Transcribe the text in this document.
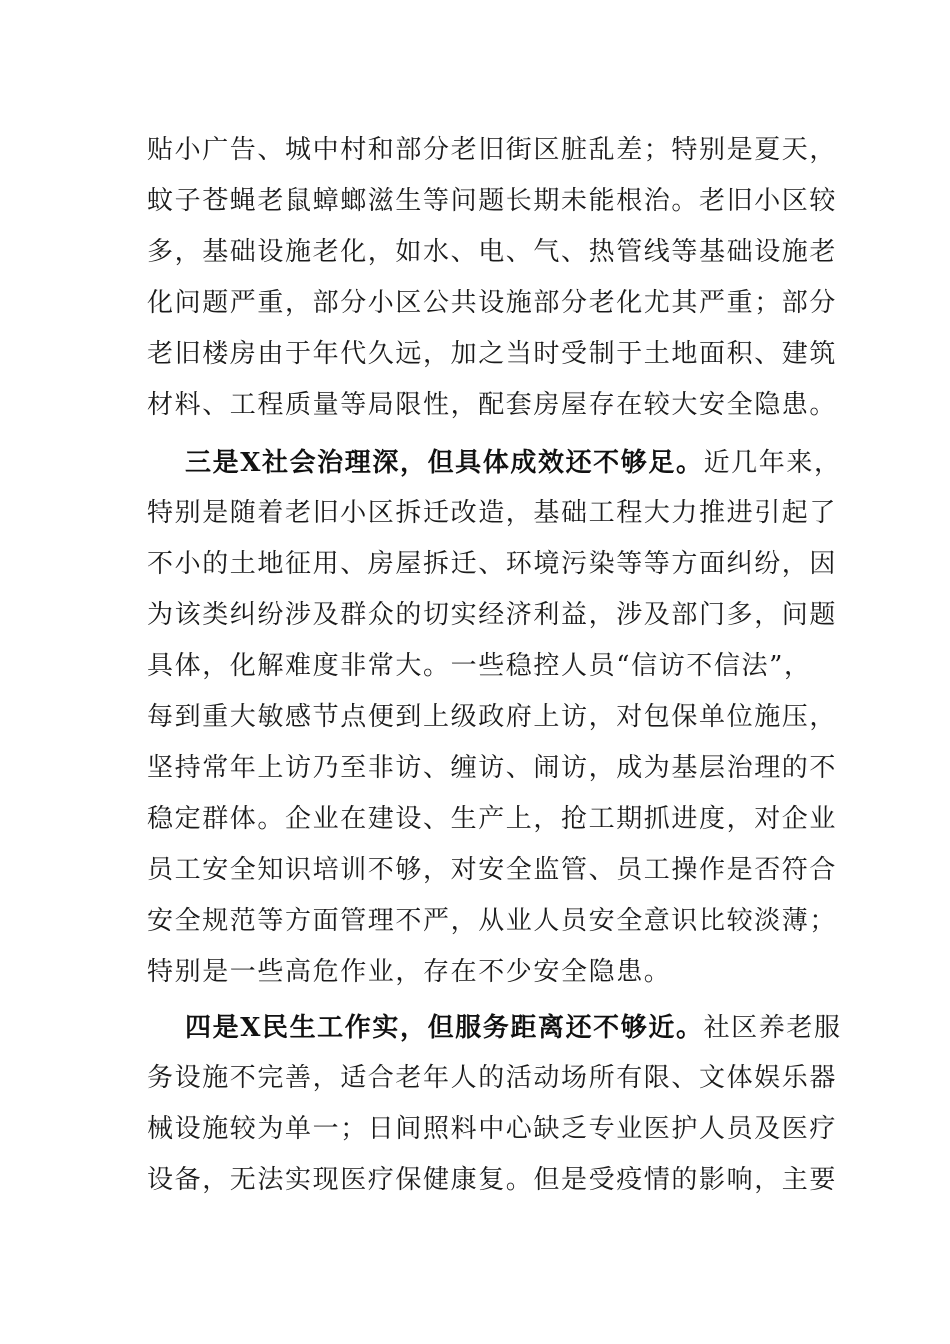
贴小广告、城中村和部分老旧街区脏乱差；特别是夏天，
蚊子苍蝇老鼠蟑螂滋生等问题长期未能根治。老旧小区较
多，基础设施老化，如水、电、气、热管线等基础设施老
化问题严重，部分小区公共设施部分老化尤其严重；部分
老旧楼房由于年代久远，加之当时受制于土地面积、建筑
材料、工程质量等局限性，配套房屋存在较大安全隐患。
三是X社会治理深，但具体成效还不够足。近几年来，
特别是随着老旧小区拆迁改造，基础工程大力推进引起了
不小的土地征用、房屋拆迁、环境污染等等方面纠纷，因
为该类纠纷涉及群众的切实经济利益，涉及部门多，问题
具体，化解难度非常大。一些稳控人员“信访不信法”，
每到重大敏感节点便到上级政府上访，对包保单位施压，
坚持常年上访乃至非访、缠访、闹访，成为基层治理的不
稳定群体。企业在建设、生产上，抢工期抓进度，对企业
员工安全知识培训不够，对安全监管、员工操作是否符合
安全规范等方面管理不严，从业人员安全意识比较淡薄；
特别是一些高危作业，存在不少安全隐患。
四是X民生工作实，但服务距离还不够近。社区养老服
务设施不完善，适合老年人的活动场所有限、文体娱乐器
械设施较为单一；日间照料中心缺乏专业医护人员及医疗
设备，无法实现医疗保健康复。但是受疫情的影响，主要
